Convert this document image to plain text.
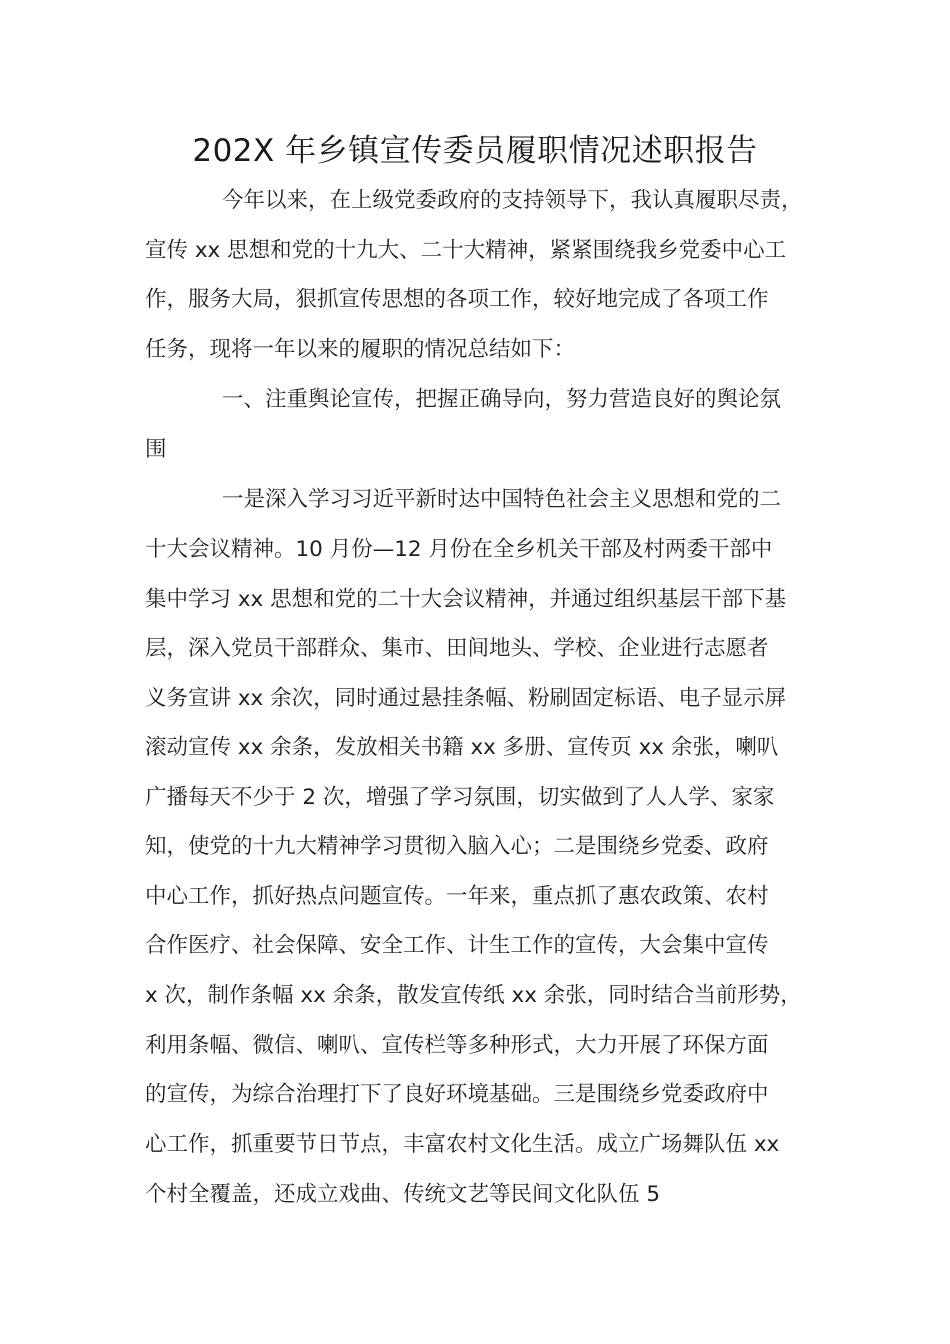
202X 年乡镇宣传委员履职情况述职报告
今年以来，在上级党委政府的支持领导下，我认真履职尽责，
宣传 xx 思想和党的十九大、二十大精神，紧紧围绕我乡党委中心工
作，服务大局，狠抓宣传思想的各项工作，较好地完成了各项工作
任务，现将一年以来的履职的情况总结如下：
一、注重舆论宣传，把握正确导向，努力营造良好的舆论氛
围
一是深入学习习近平新时达中国特色社会主义思想和党的二
十大会议精神。10 月份—12 月份在全乡机关干部及村两委干部中
集中学习 xx 思想和党的二十大会议精神，并通过组织基层干部下基
层，深入党员干部群众、集市、田间地头、学校、企业进行志愿者
义务宣讲 xx 余次，同时通过悬挂条幅、粉刷固定标语、电子显示屏
滚动宣传 xx 余条，发放相关书籍 xx 多册、宣传页 xx 余张，喇叭
广播每天不少于 2 次，增强了学习氛围，切实做到了人人学、家家
知，使党的十九大精神学习贯彻入脑入心；二是围绕乡党委、政府
中心工作，抓好热点问题宣传。一年来，重点抓了惠农政策、农村
合作医疗、社会保障、安全工作、计生工作的宣传，大会集中宣传
x 次，制作条幅 xx 余条，散发宣传纸 xx 余张，同时结合当前形势，
利用条幅、微信、喇叭、宣传栏等多种形式，大力开展了环保方面
的宣传，为综合治理打下了良好环境基础。三是围绕乡党委政府中
心工作，抓重要节日节点，丰富农村文化生活。成立广场舞队伍 xx
个村全覆盖，还成立戏曲、传统文艺等民间文化队伍 5
